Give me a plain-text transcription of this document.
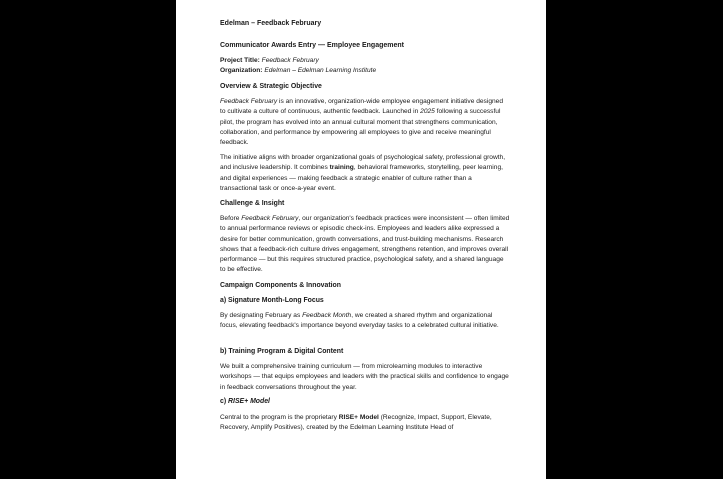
Edelman – Feedback February
Communicator Awards Entry — Employee Engagement
Project Title: Feedback February
Organization: Edelman – Edelman Learning Institute
Overview & Strategic Objective

Feedback February is an innovative, organization-wide employee engagement initiative designed to cultivate a culture of continuous, authentic feedback. Launched in 2025 following a successful pilot, the program has evolved into an annual cultural moment that strengthens communication, collaboration, and performance by empowering all employees to give and receive meaningful feedback.

The initiative aligns with broader organizational goals of psychological safety, professional growth, and inclusive leadership. It combines training, behavioral frameworks, storytelling, peer learning, and digital experiences — making feedback a strategic enabler of culture rather than a transactional task or once-a-year event.

Challenge & Insight

Before Feedback February, our organization's feedback practices were inconsistent — often limited to annual performance reviews or episodic check-ins. Employees and leaders alike expressed a desire for better communication, growth conversations, and trust-building mechanisms. Research shows that a feedback-rich culture drives engagement, strengthens retention, and improves overall performance — but this requires structured practice, psychological safety, and a shared language to be effective.

Campaign Components & Innovation
a) Signature Month-Long Focus

By designating February as Feedback Month, we created a shared rhythm and organizational focus, elevating feedback's importance beyond everyday tasks to a celebrated cultural initiative.

b) Training Program & Digital Content

We built a comprehensive training curriculum — from microlearning modules to interactive workshops — that equips employees and leaders with the practical skills and confidence to engage in feedback conversations throughout the year.

c) RISE+ Model

Central to the program is the proprietary RISE+ Model (Recognize, Impact, Support, Elevate, Recovery, Amplify Positives), created by the Edelman Learning Institute Head of
